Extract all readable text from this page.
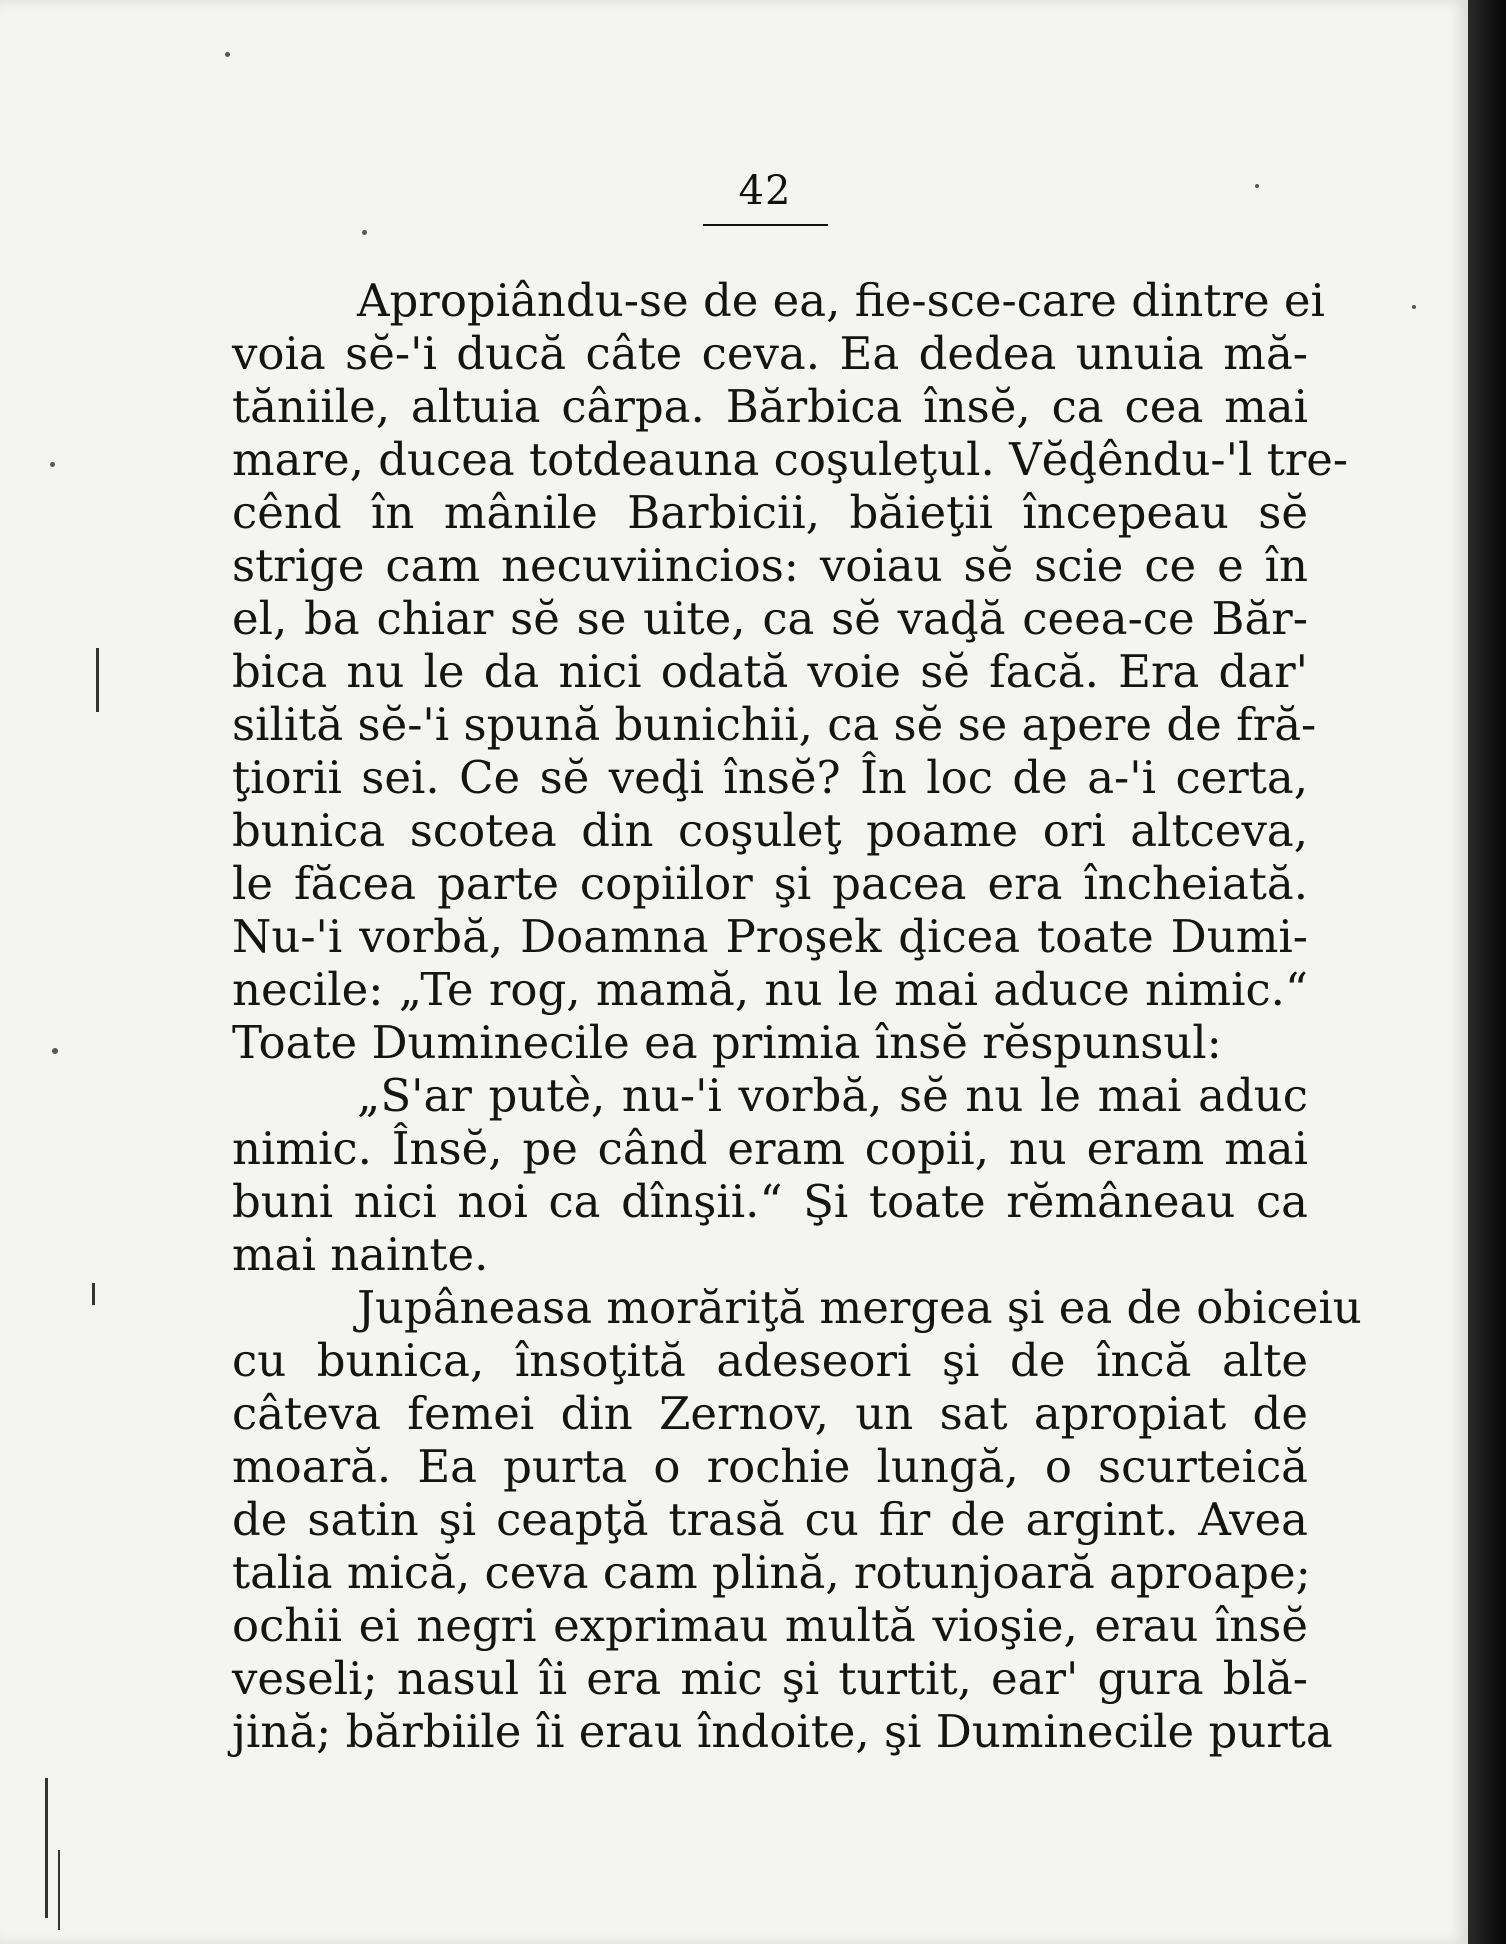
42
Apropiându-se de ea, fie-sce-care dintre ei
voia sĕ-'i ducă câte ceva. Ea dedea unuia mă-
tăniile, altuia cârpa. Bărbica însĕ, ca cea mai
mare, ducea totdeauna coşuleţul. Vĕḑêndu-'l tre-
cênd în mânile Barbicii, băieţii începeau sĕ
strige cam necuviincios: voiau sĕ scie ce e în
el, ba chiar sĕ se uite, ca sĕ vaḑă ceea-ce Băr-
bica nu le da nici odată voie sĕ facă. Era dar'
silită sĕ-'i spună bunichii, ca sĕ se apere de fră-
ţiorii sei. Ce sĕ veḑi însĕ? În loc de a-'i certa,
bunica scotea din coşuleţ poame ori altceva,
le făcea parte copiilor şi pacea era încheiată.
Nu-'i vorbă, Doamna Proşek ḑicea toate Dumi-
necile: „Te rog, mamă, nu le mai aduce nimic.“
Toate Duminecile ea primia însĕ rĕspunsul:
„S'ar putè, nu-'i vorbă, sĕ nu le mai aduc
nimic. Însĕ, pe când eram copii, nu eram mai
buni nici noi ca dînşii.“ Şi toate rĕmâneau ca
mai nainte.
Jupâneasa morăriţă mergea şi ea de obiceiu
cu bunica, însoţită adeseori şi de încă alte
câteva femei din Zernov, un sat apropiat de
moară. Ea purta o rochie lungă, o scurteică
de satin şi ceapţă trasă cu fir de argint. Avea
talia mică, ceva cam plină, rotunjoară aproape;
ochii ei negri exprimau multă vioşie, erau însĕ
veseli; nasul îi era mic şi turtit, ear' gura blă-
jină; bărbiile îi erau îndoite, şi Duminecile purta
